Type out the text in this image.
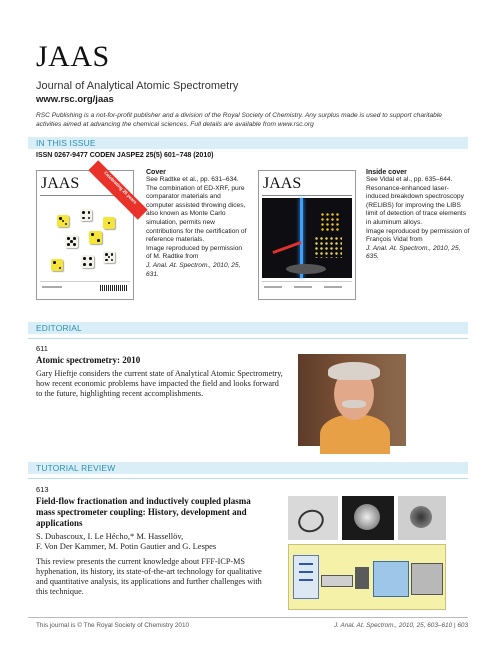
JAAS
Journal of Analytical Atomic Spectrometry
www.rsc.org/jaas
RSC Publishing is a not-for-profit publisher and a division of the Royal Society of Chemistry. Any surplus made is used to support charitable activities aimed at advancing the chemical sciences. Full details are available from www.rsc.org
IN THIS ISSUE
ISSN 0267-9477 CODEN JASPE2 25(5) 601–748 (2010)
JAAS	Celebrating 25 years	Cover
See Radtke et al., pp. 631–634.
The combination of ED-XRF, pure comparator materials and computer assisted throwing dices, also known as Monte Carlo simulation, permits new contributions for the certification of reference materials.
Image reproduced by permission of M. Radtke from
J. Anal. At. Spectrom., 2010, 25, 631.
JAAS
Inside cover
See Vidal et al., pp. 635–644.
Resonance-enhanced laser-induced breakdown spectroscopy (RELIBS) for improving the LIBS limit of detection of trace elements in aluminum alloys.
Image reproduced by permission of François Vidal from
J. Anal. At. Spectrom., 2010, 25, 635.
EDITORIAL
611
Atomic spectrometry: 2010
Gary Hieftje considers the current state of Analytical Atomic Spectrometry, how recent economic problems have impacted the field and looks forward to the future, highlighting recent accomplishments.
TUTORIAL REVIEW
613
Field-flow fractionation and inductively coupled plasma mass spectrometer coupling: History, development and applications
S. Dubascoux, I. Le Hécho,* M. Hassellöv,
F. Von Der Kammer, M. Potin Gautier and G. Lespes
This review presents the current knowledge about FFF-ICP-MS hyphenation, its history, its state-of-the-art technology for qualitative and quantitative analysis, its applications and further challenges with this technique.
This journal is © The Royal Society of Chemistry 2010	J. Anal. At. Spectrom., 2010, 25, 603–610 | 603
